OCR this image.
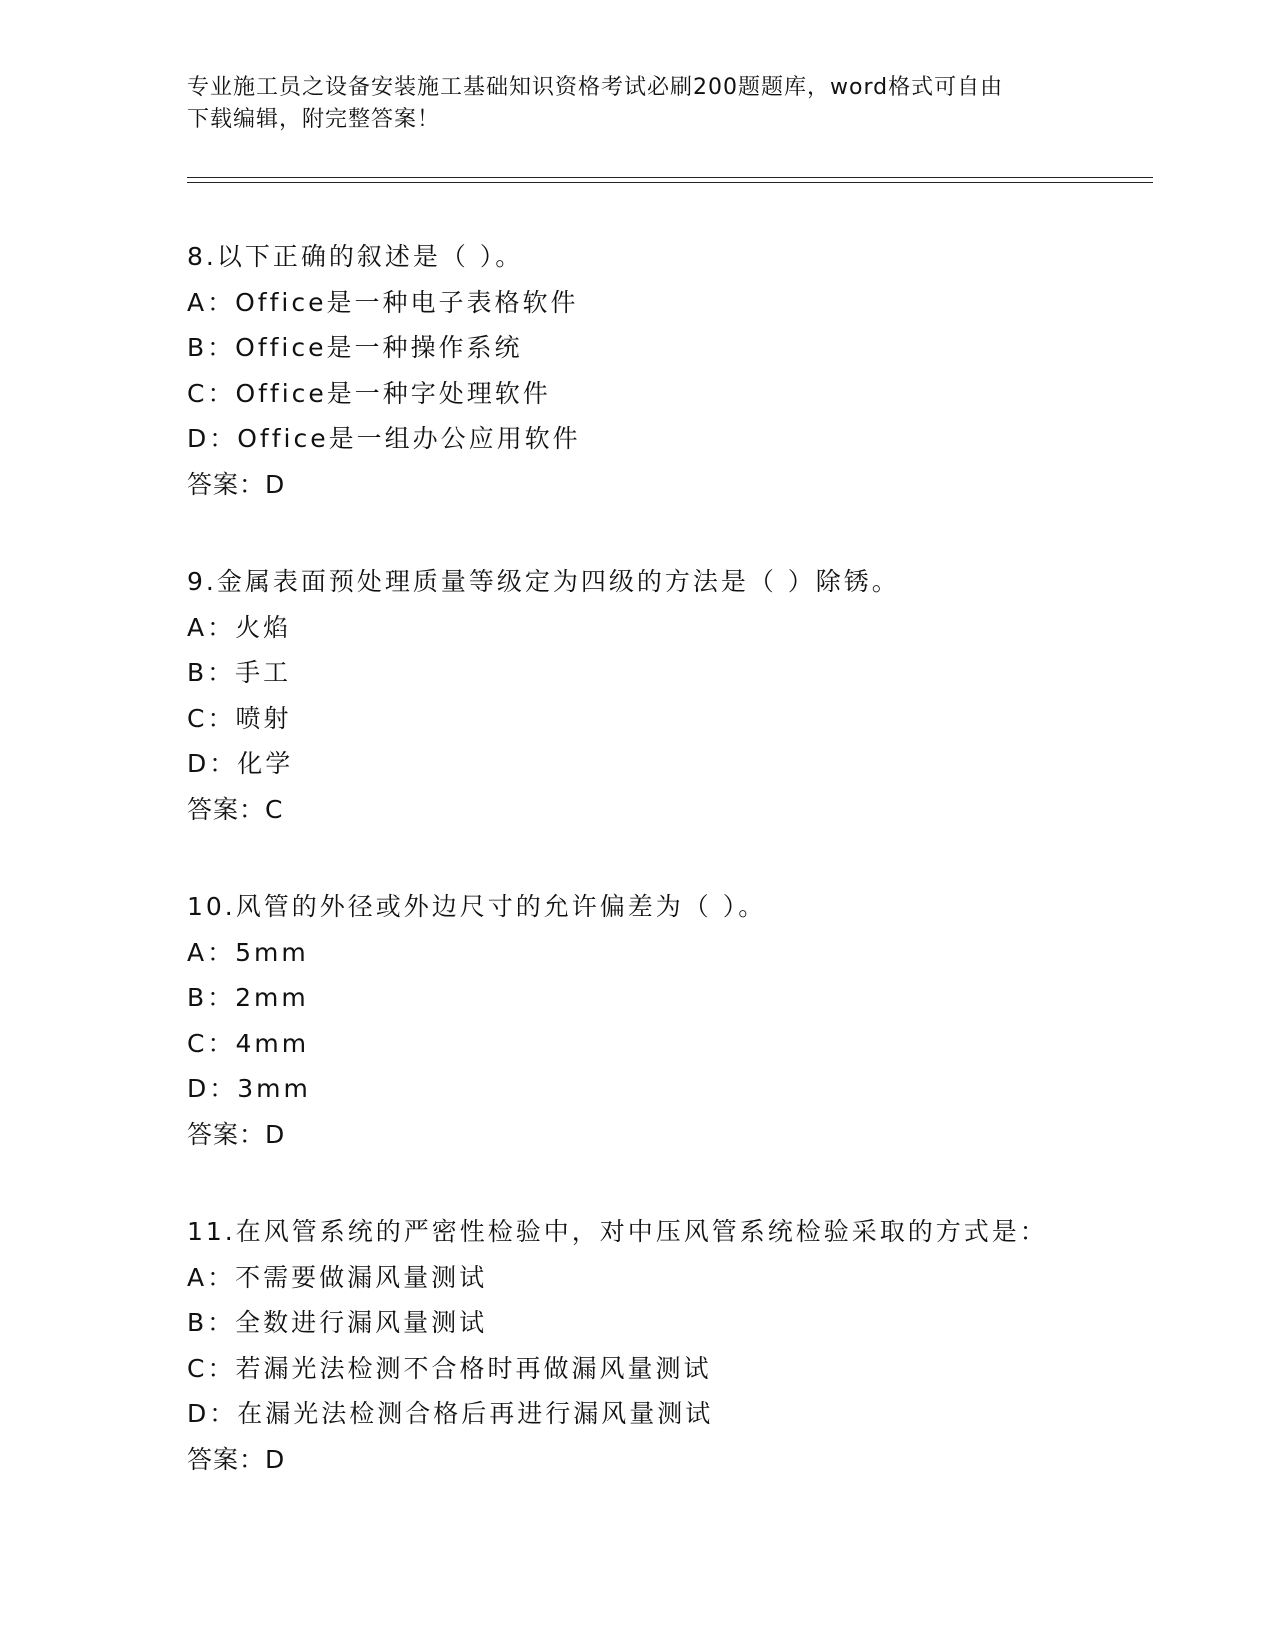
专业施工员之设备安装施工基础知识资格考试必刷200题题库，word格式可自由
下载编辑，附完整答案！
8.以下正确的叙述是（ ）。
A：Office是一种电子表格软件
B：Office是一种操作系统
C：Office是一种字处理软件
D：Office是一组办公应用软件
答案：D
9.金属表面预处理质量等级定为四级的方法是（ ）除锈。
A：火焰
B：手工
C：喷射
D：化学
答案：C
10.风管的外径或外边尺寸的允许偏差为（ ）。
A：5mm
B：2mm
C：4mm
D：3mm
答案：D
11.在风管系统的严密性检验中，对中压风管系统检验采取的方式是：
A：不需要做漏风量测试
B：全数进行漏风量测试
C：若漏光法检测不合格时再做漏风量测试
D：在漏光法检测合格后再进行漏风量测试
答案：D
